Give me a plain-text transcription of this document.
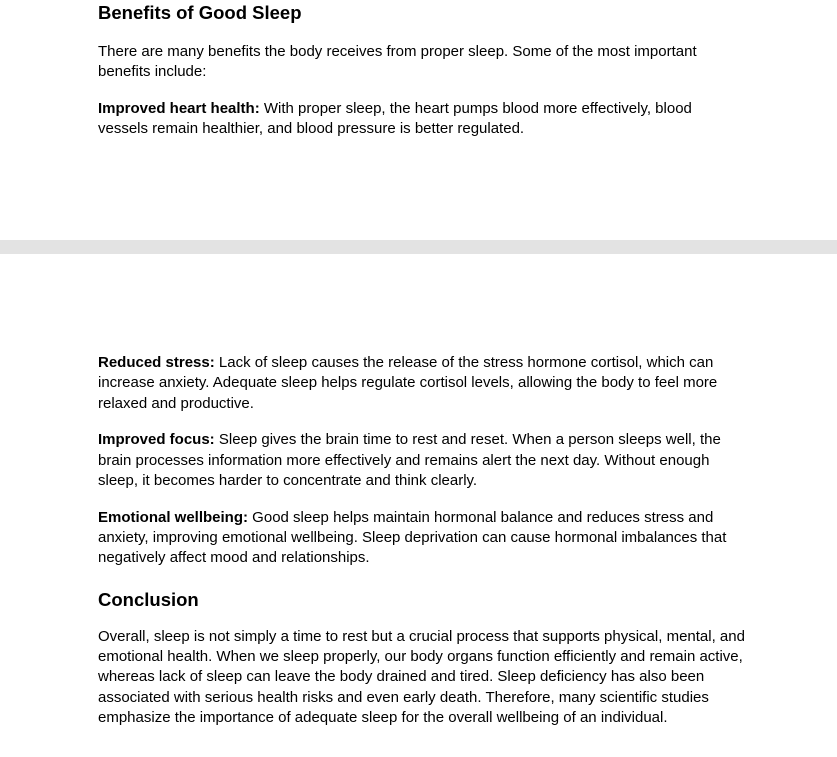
Benefits of Good Sleep

There are many benefits the body receives from proper sleep. Some of the most important benefits include:

Improved heart health: With proper sleep, the heart pumps blood more effectively, blood vessels remain healthier, and blood pressure is better regulated.

Reduced stress: Lack of sleep causes the release of the stress hormone cortisol, which can increase anxiety. Adequate sleep helps regulate cortisol levels, allowing the body to feel more relaxed and productive.

Improved focus: Sleep gives the brain time to rest and reset. When a person sleeps well, the brain processes information more effectively and remains alert the next day. Without enough sleep, it becomes harder to concentrate and think clearly.

Emotional wellbeing: Good sleep helps maintain hormonal balance and reduces stress and anxiety, improving emotional wellbeing. Sleep deprivation can cause hormonal imbalances that negatively affect mood and relationships.

Conclusion

Overall, sleep is not simply a time to rest but a crucial process that supports physical, mental, and emotional health. When we sleep properly, our body organs function efficiently and remain active, whereas lack of sleep can leave the body drained and tired. Sleep deficiency has also been associated with serious health risks and even early death. Therefore, many scientific studies emphasize the importance of adequate sleep for the overall wellbeing of an individual.
